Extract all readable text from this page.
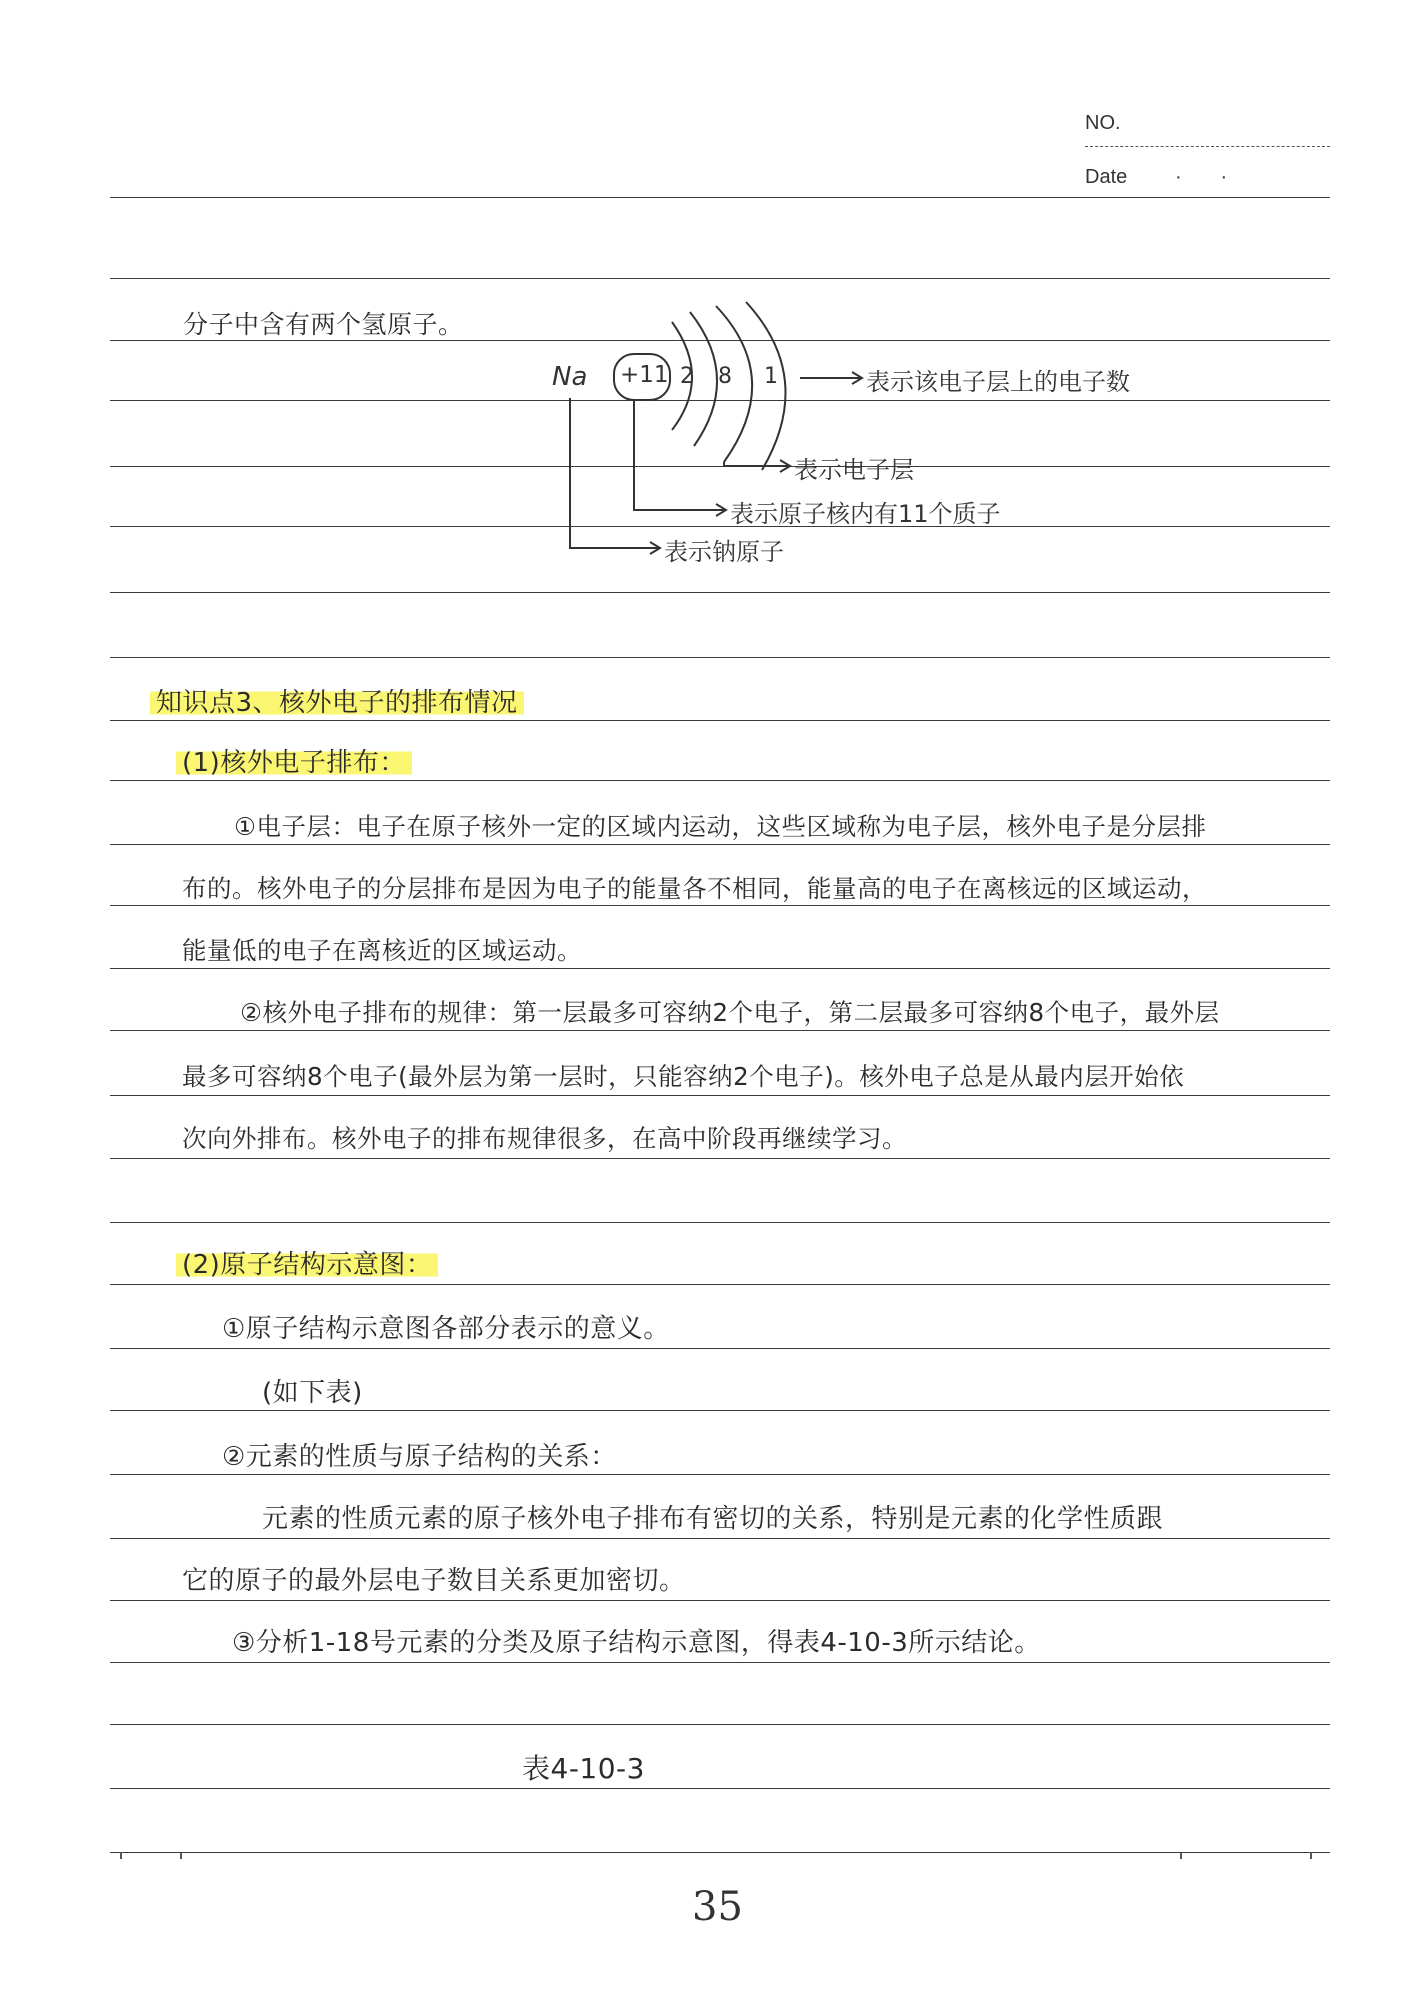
NO.
Date ·       ·
分子中含有两个氢原子。
Na +11 2 8 1	表示该电子层上的电子数
表示电子层
表示原子核内有11个质子
表示钠原子
知识点3、核外电子的排布情况
(1)核外电子排布：
①电子层：电子在原子核外一定的区域内运动，这些区域称为电子层，核外电子是分层排
布的。核外电子的分层排布是因为电子的能量各不相同，能量高的电子在离核远的区域运动，
能量低的电子在离核近的区域运动。
②核外电子排布的规律：第一层最多可容纳2个电子，第二层最多可容纳8个电子，最外层
最多可容纳8个电子(最外层为第一层时，只能容纳2个电子)。核外电子总是从最内层开始依
次向外排布。核外电子的排布规律很多，在高中阶段再继续学习。
(2)原子结构示意图：
①原子结构示意图各部分表示的意义。
(如下表)
②元素的性质与原子结构的关系：
元素的性质元素的原子核外电子排布有密切的关系，特别是元素的化学性质跟
它的原子的最外层电子数目关系更加密切。
③分析1-18号元素的分类及原子结构示意图，得表4-10-3所示结论。
表4-10-3
35
